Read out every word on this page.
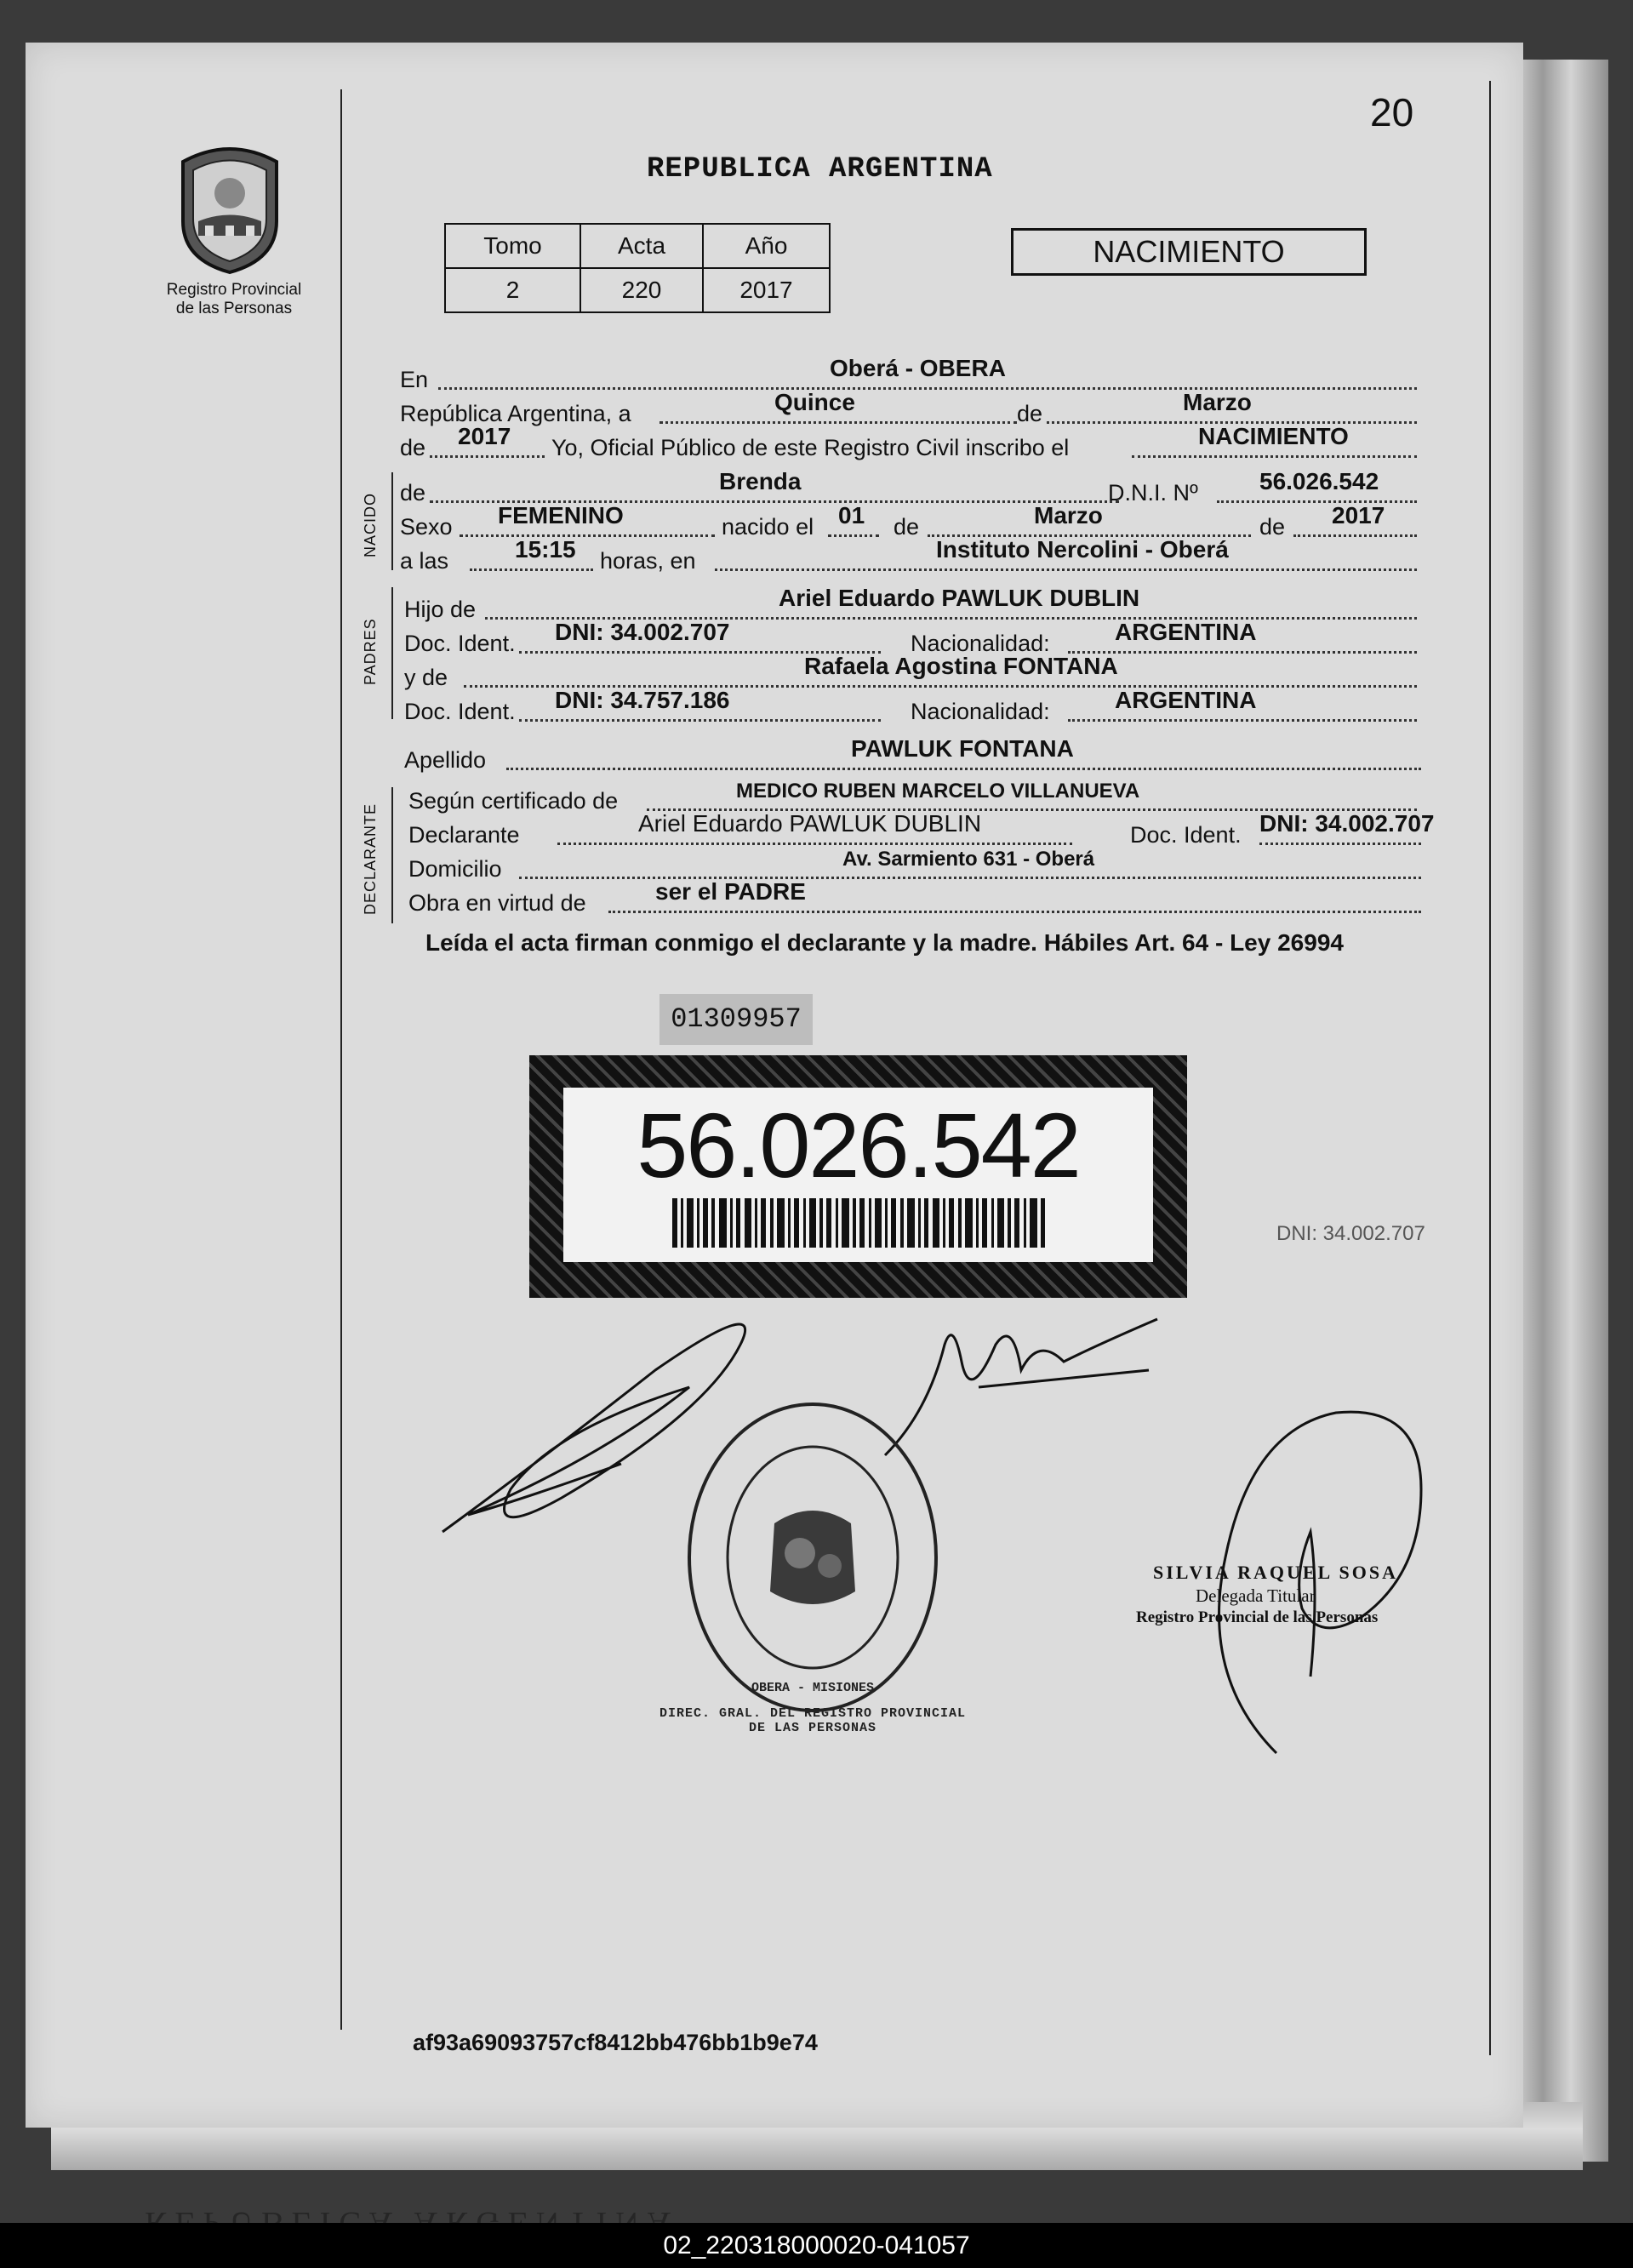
Registro Provincial
de las Personas
20
REPUBLICA ARGENTINA
Tomo	Acta	Año
2	220	2017
NACIMIENTO
En	Oberá - OBERA
República Argentina, a	Quince	de	Marzo
de 2017 Yo, Oficial Público de este Registro Civil inscribo el	NACIMIENTO
NACIDO de	Brenda	D.N.I. Nº	56.026.542
Sexo FEMENINO	nacido el 01 de	Marzo	de 2017
a las	15:15 horas, en	Instituto Nercolini - Oberá
PADRES
Hijo de	Ariel Eduardo PAWLUK DUBLIN
Doc. Ident. DNI: 34.002.707	Nacionalidad:	ARGENTINA
y de	Rafaela Agostina FONTANA
Doc. Ident. DNI: 34.757.186	Nacionalidad:	ARGENTINA
Apellido	PAWLUK FONTANA
DECLARANTE
Según certificado de	MEDICO RUBEN MARCELO VILLANUEVA
Declarante	Ariel Eduardo PAWLUK DUBLIN	Doc. Ident. DNI: 34.002.707
Domicilio	Av. Sarmiento 631 - Oberá
Obra en virtud de	ser el PADRE
Leída el acta firman conmigo el declarante y la madre. Hábiles Art. 64 - Ley 26994
01309957
56.026.542
DNI: 34.002.707
DIREC. GRAL. DEL REGISTRO PROVINCIAL DE LAS PERSONAS
OBERA - MISIONES
SILVIA RAQUEL SOSA
Delegada Titular
Registro Provincial de las Personas
af93a69093757cf8412bb476bb1b9e74
02_220318000020-041057
